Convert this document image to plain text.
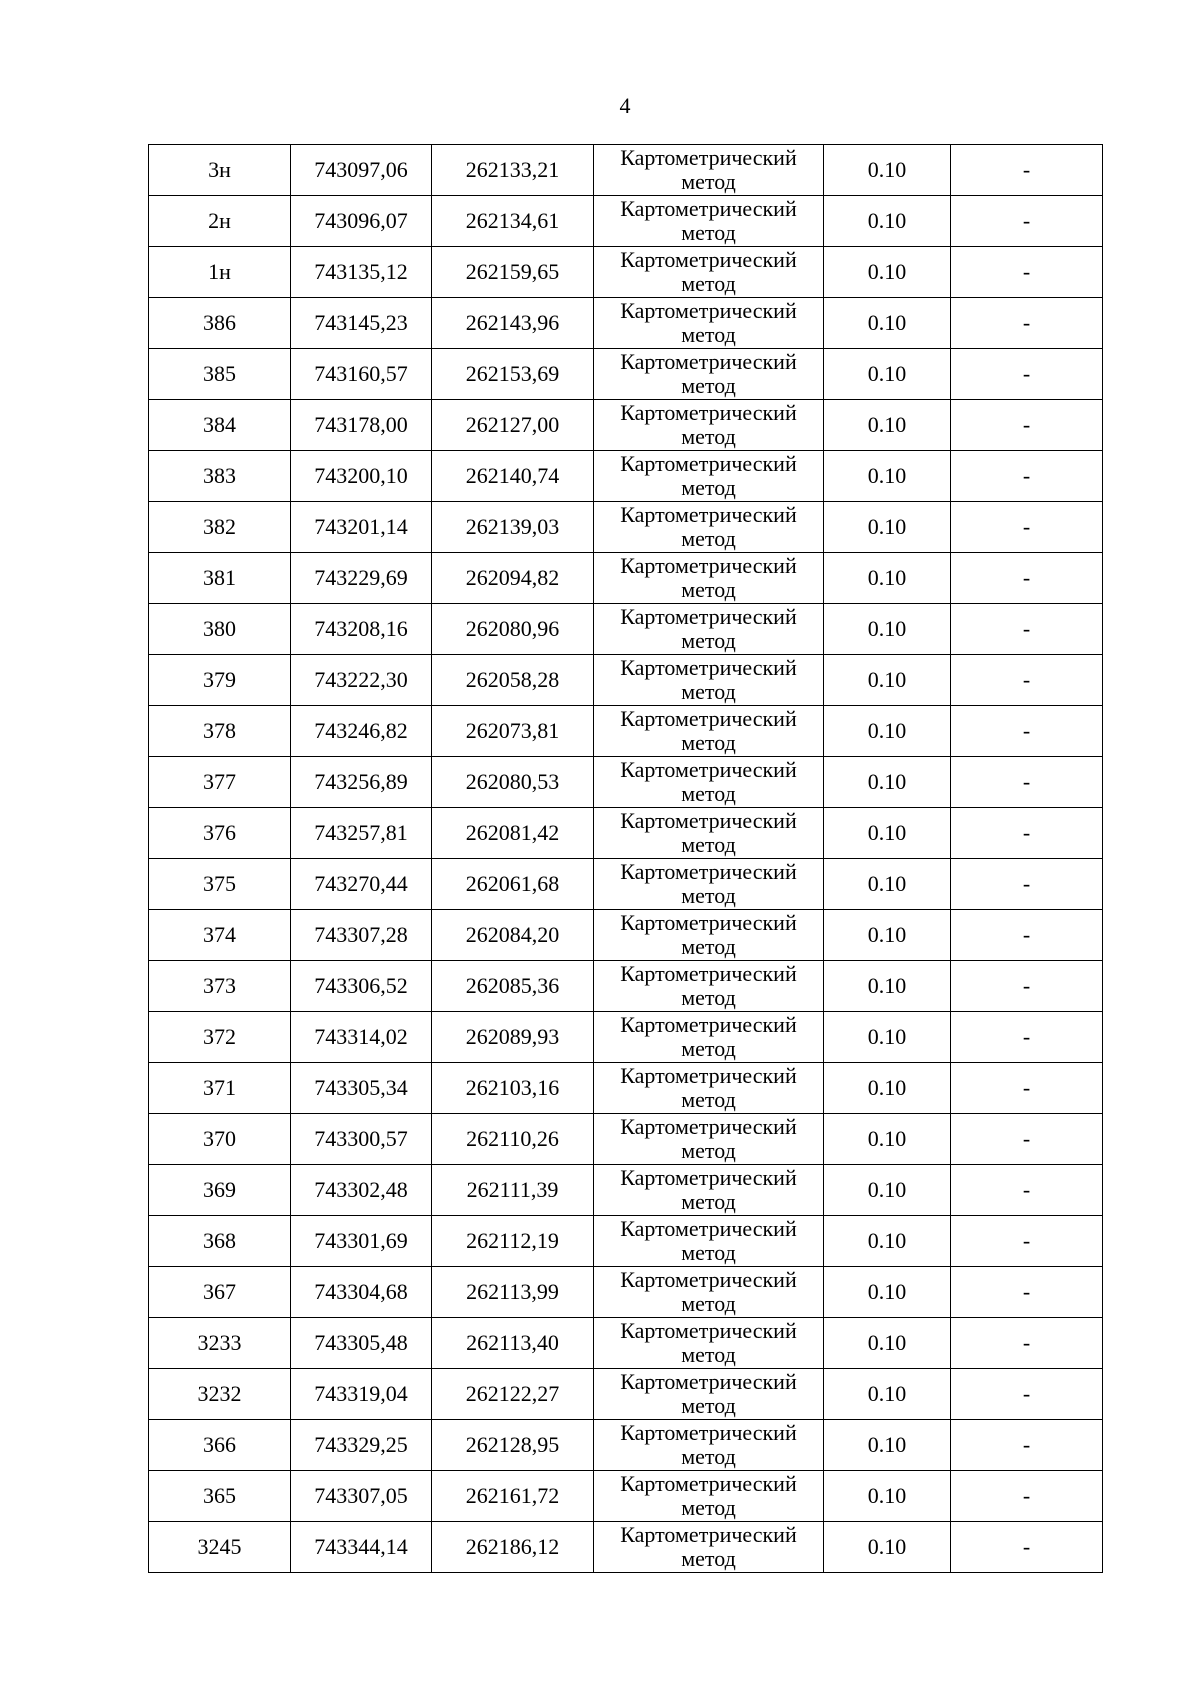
4
3н	743097,06	262133,21	Картометрический метод	0.10	-
2н	743096,07	262134,61	Картометрический метод	0.10	-
1н	743135,12	262159,65	Картометрический метод	0.10	-
386	743145,23	262143,96	Картометрический метод	0.10	-
385	743160,57	262153,69	Картометрический метод	0.10	-
384	743178,00	262127,00	Картометрический метод	0.10	-
383	743200,10	262140,74	Картометрический метод	0.10	-
382	743201,14	262139,03	Картометрический метод	0.10	-
381	743229,69	262094,82	Картометрический метод	0.10	-
380	743208,16	262080,96	Картометрический метод	0.10	-
379	743222,30	262058,28	Картометрический метод	0.10	-
378	743246,82	262073,81	Картометрический метод	0.10	-
377	743256,89	262080,53	Картометрический метод	0.10	-
376	743257,81	262081,42	Картометрический метод	0.10	-
375	743270,44	262061,68	Картометрический метод	0.10	-
374	743307,28	262084,20	Картометрический метод	0.10	-
373	743306,52	262085,36	Картометрический метод	0.10	-
372	743314,02	262089,93	Картометрический метод	0.10	-
371	743305,34	262103,16	Картометрический метод	0.10	-
370	743300,57	262110,26	Картометрический метод	0.10	-
369	743302,48	262111,39	Картометрический метод	0.10	-
368	743301,69	262112,19	Картометрический метод	0.10	-
367	743304,68	262113,99	Картометрический метод	0.10	-
3233	743305,48	262113,40	Картометрический метод	0.10	-
3232	743319,04	262122,27	Картометрический метод	0.10	-
366	743329,25	262128,95	Картометрический метод	0.10	-
365	743307,05	262161,72	Картометрический метод	0.10	-
3245	743344,14	262186,12	Картометрический метод	0.10	-
